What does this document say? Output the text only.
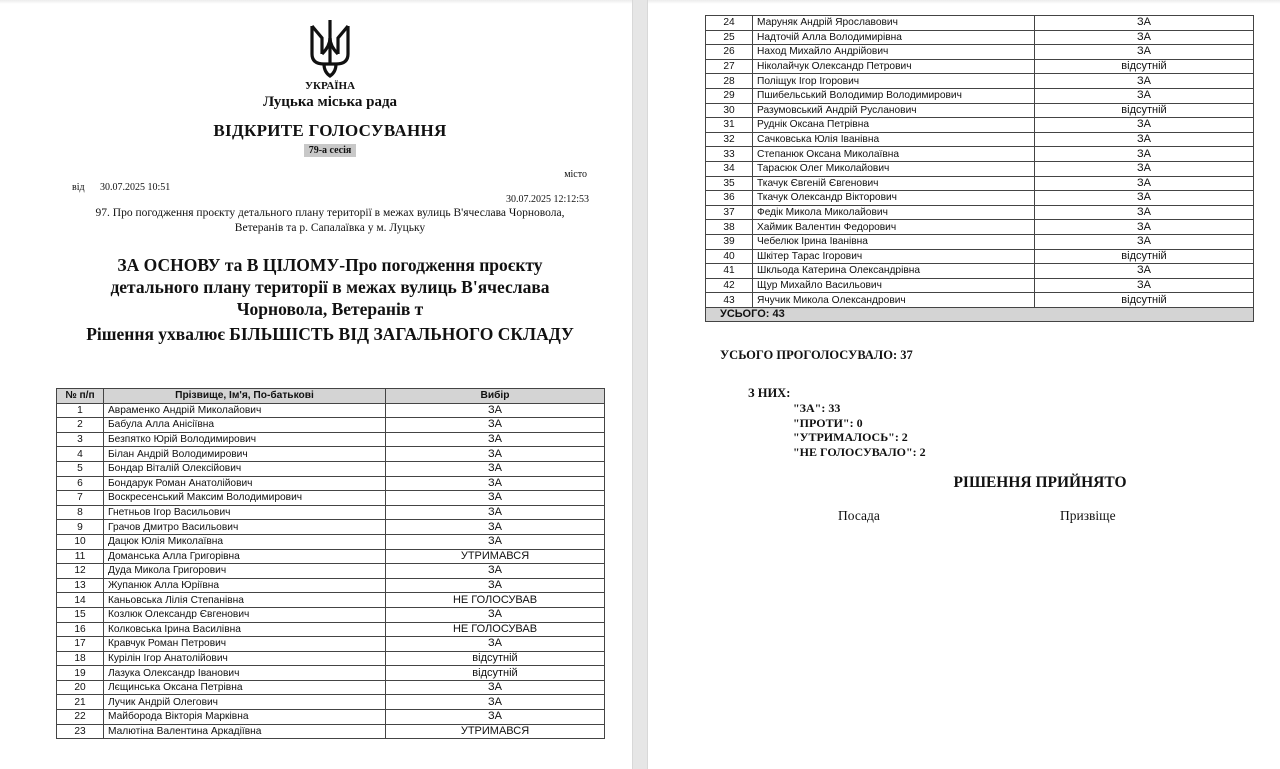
УКРАЇНА
Луцька міська рада
ВІДКРИТЕ ГОЛОСУВАННЯ
79-а сесія
місто
від 30.07.2025 10:51
30.07.2025 12:12:53
97. Про погодження проєкту детального плану території в межах вулиць В'ячеслава Чорновола, Ветеранів та р. Сапалаївка у м. Луцьку
ЗА ОСНОВУ та В ЦІЛОМУ-Про погодження проєкту детального плану території в межах вулиць В'ячеслава Чорновола, Ветеранів т
Рішення ухвалює БІЛЬШІСТЬ ВІД ЗАГАЛЬНОГО СКЛАДУ
№ п/п	Прізвище, Ім'я, По-батькові	Вибір
1	Авраменко Андрій Миколайович	ЗА
2	Бабула Алла Анісіївна	ЗА
3	Безпятко Юрій Володимирович	ЗА
4	Білан Андрій Володимирович	ЗА
5	Бондар Віталій Олексійович	ЗА
6	Бондарук Роман Анатолійович	ЗА
7	Воскресенський Максим Володимирович	ЗА
8	Гнетньов Ігор Васильович	ЗА
9	Грачов Дмитро Васильович	ЗА
10	Дацюк Юлія Миколаївна	ЗА
11	Доманська Алла Григорівна	УТРИМАВСЯ
12	Дуда Микола Григорович	ЗА
13	Жупанюк Алла Юріївна	ЗА
14	Каньовська Лілія Степанівна	НЕ ГОЛОСУВАВ
15	Козлюк Олександр Євгенович	ЗА
16	Колковська Ірина Василівна	НЕ ГОЛОСУВАВ
17	Кравчук Роман Петрович	ЗА
18	Курілін Ігор Анатолійович	відсутній
19	Лазука Олександр Іванович	відсутній
20	Лєщинська Оксана Петрівна	ЗА
21	Лучик Андрій Олегович	ЗА
22	Майборода Вікторія Марківна	ЗА
23	Малютіна Валентина Аркадіївна	УТРИМАВСЯ
24	Маруняк Андрій Ярославович	ЗА
25	Надточій Алла Володимирівна	ЗА
26	Наход Михайло Андрійович	ЗА
27	Ніколайчук Олександр Петрович	відсутній
28	Поліщук Ігор Ігорович	ЗА
29	Пшибельський Володимир Володимирович	ЗА
30	Разумовський Андрій Русланович	відсутній
31	Руднік Оксана Петрівна	ЗА
32	Сачковська Юлія Іванівна	ЗА
33	Степанюк Оксана Миколаївна	ЗА
34	Тарасюк Олег Миколайович	ЗА
35	Ткачук Євгеній Євгенович	ЗА
36	Ткачук Олександр Вікторович	ЗА
37	Федік Микола Миколайович	ЗА
38	Хаймик Валентин Федорович	ЗА
39	Чебелюк Ірина Іванівна	ЗА
40	Шкітер Тарас Ігорович	відсутній
41	Шкльода Катерина Олександрівна	ЗА
42	Щур Михайло Васильович	ЗА
43	Ячучик Микола Олександрович	відсутній
УСЬОГО: 43		
УСЬОГО ПРОГОЛОСУВАЛО: 37
З НИХ:
"ЗА": 33
"ПРОТИ": 0
"УТРИМАЛОСЬ": 2
"НЕ ГОЛОСУВАЛО": 2
РІШЕННЯ ПРИЙНЯТО
Посада	Призвіще
